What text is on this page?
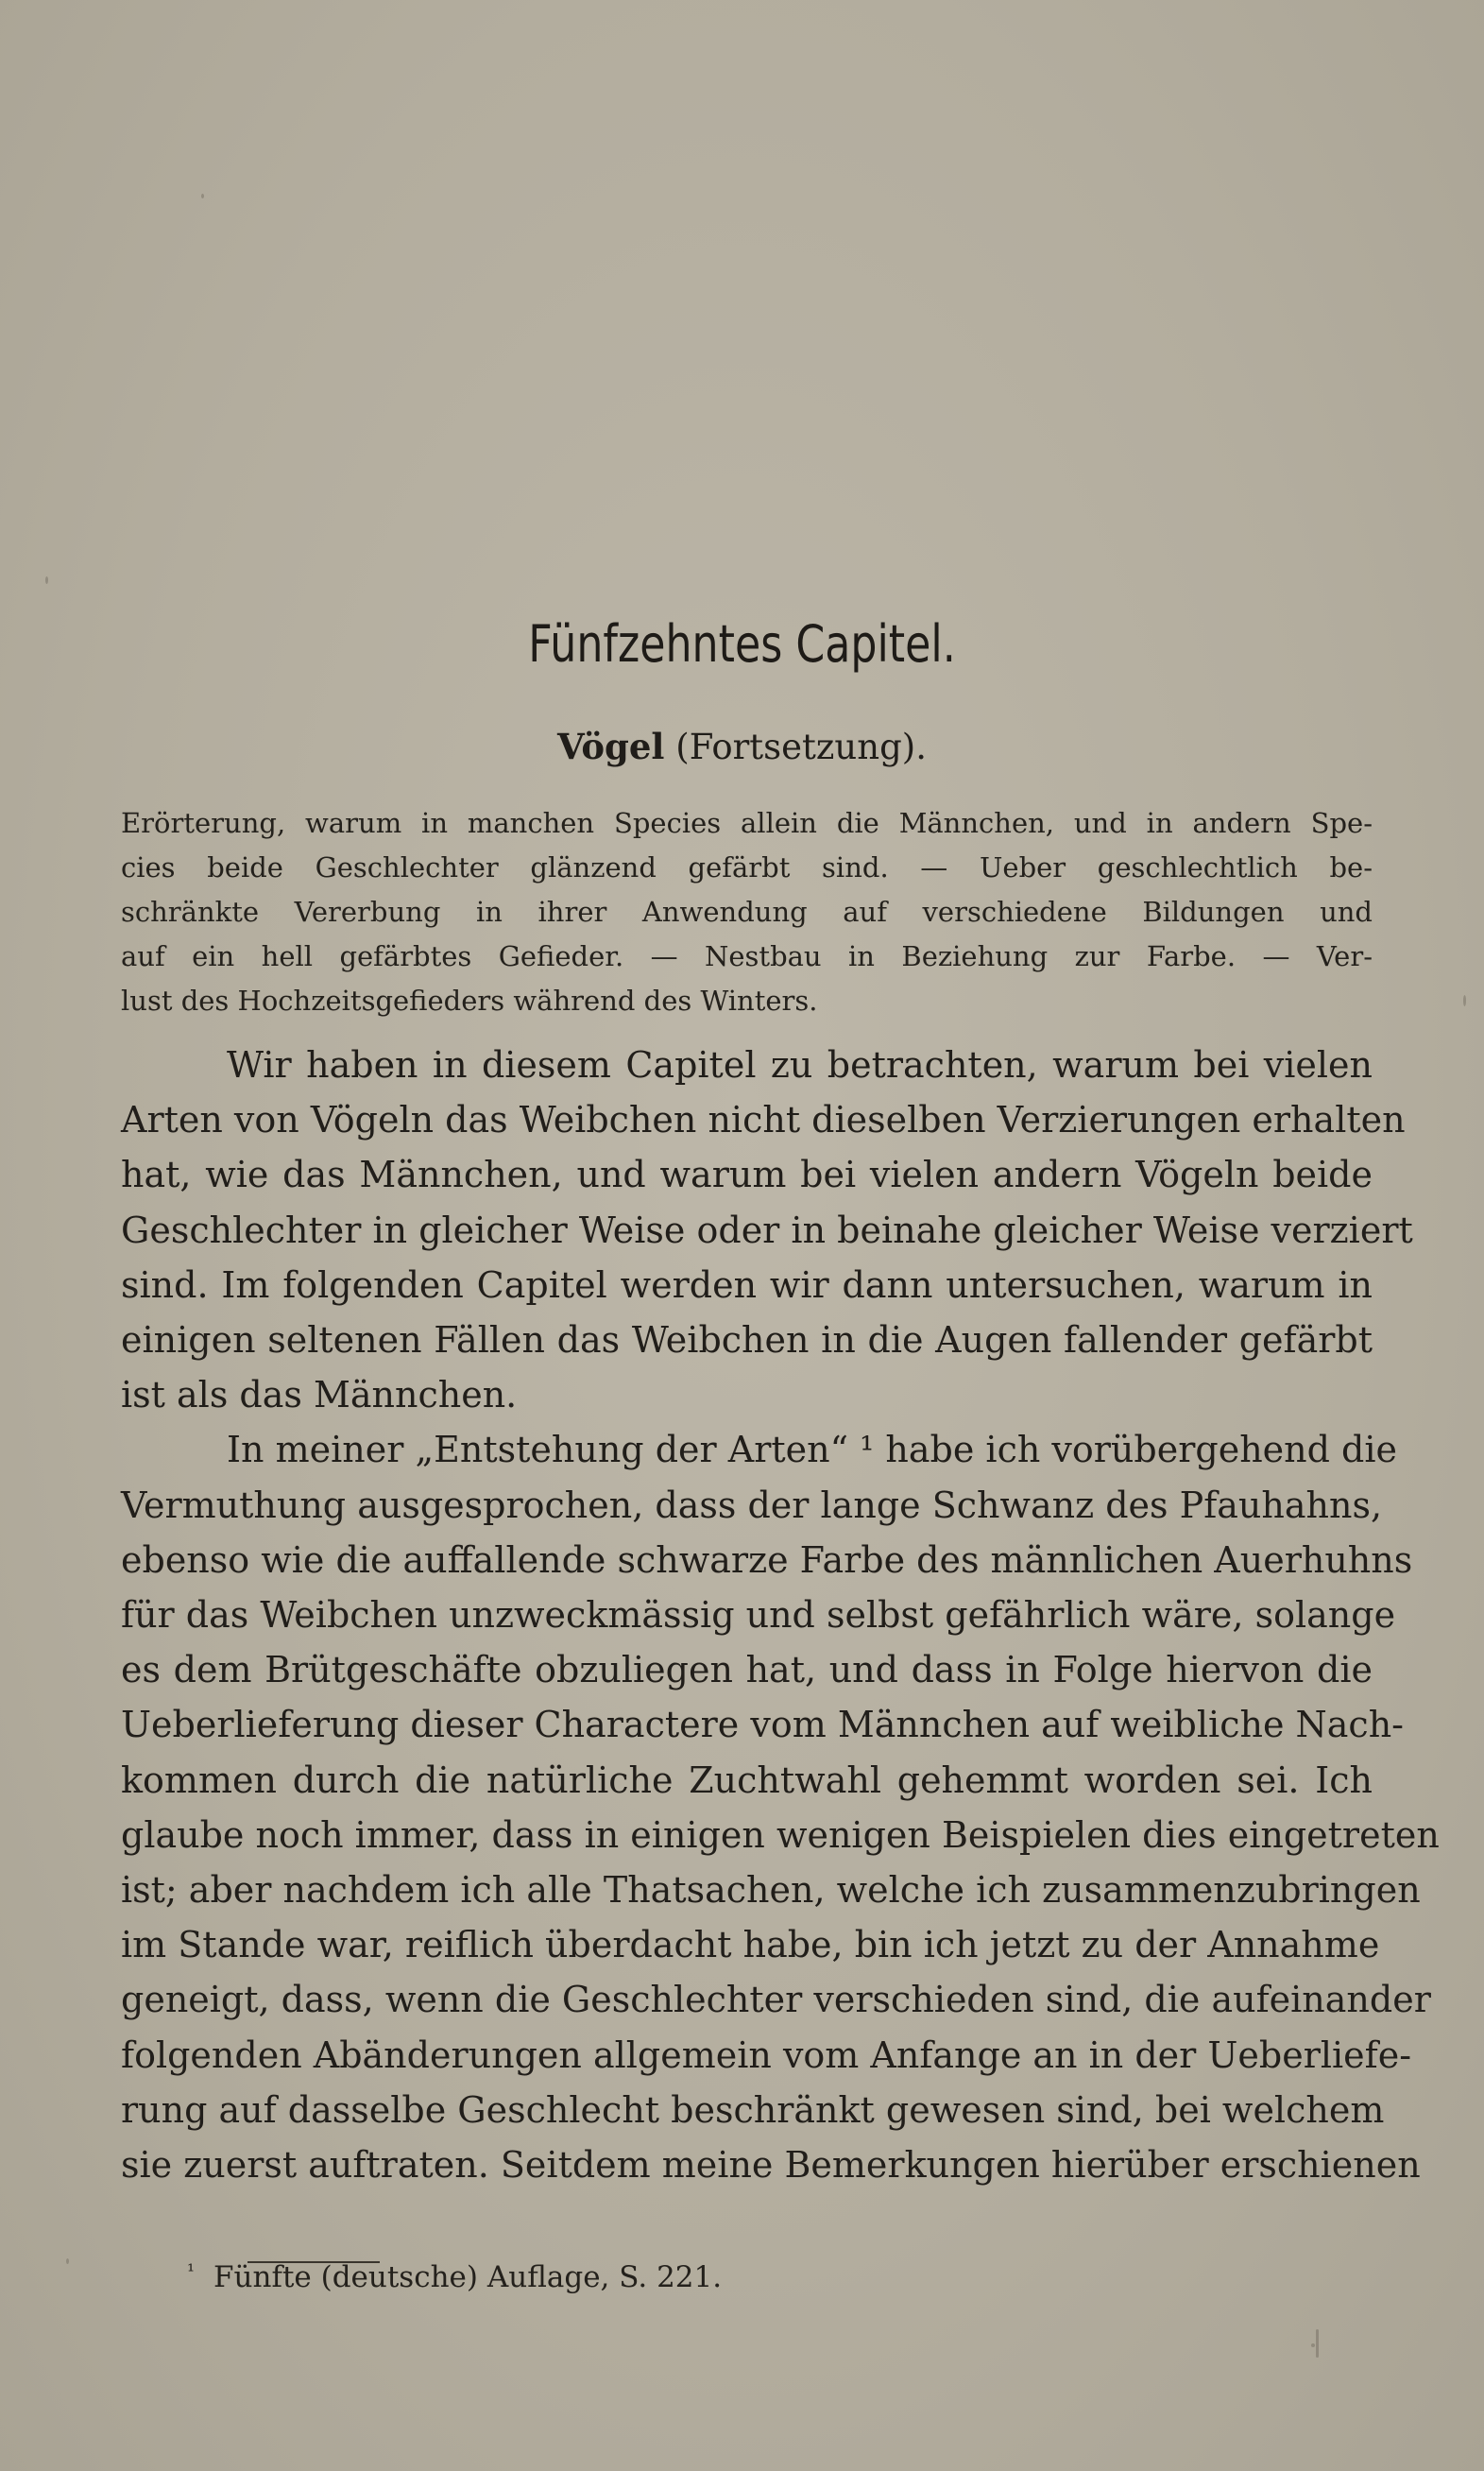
Fünfzehntes Capitel.
Vögel (Fortsetzung).

Erörterung, warum in manchen Species allein die Männchen, und in andern Spe-
cies beide Geschlechter glänzend gefärbt sind. — Ueber geschlechtlich be-
schränkte Vererbung in ihrer Anwendung auf verschiedene Bildungen und
auf ein hell gefärbtes Gefieder. — Nestbau in Beziehung zur Farbe. — Ver-
lust des Hochzeitsgefieders während des Winters.

Wir haben in diesem Capitel zu betrachten, warum bei vielen
Arten von Vögeln das Weibchen nicht dieselben Verzierungen erhalten
hat, wie das Männchen, und warum bei vielen andern Vögeln beide
Geschlechter in gleicher Weise oder in beinahe gleicher Weise verziert
sind. Im folgenden Capitel werden wir dann untersuchen, warum in
einigen seltenen Fällen das Weibchen in die Augen fallender gefärbt
ist als das Männchen.
In meiner „Entstehung der Arten“ ¹ habe ich vorübergehend die
Vermuthung ausgesprochen, dass der lange Schwanz des Pfauhahns,
ebenso wie die auffallende schwarze Farbe des männlichen Auerhuhns
für das Weibchen unzweckmässig und selbst gefährlich wäre, solange
es dem Brütgeschäfte obzuliegen hat, und dass in Folge hiervon die
Ueberlieferung dieser Charactere vom Männchen auf weibliche Nach-
kommen durch die natürliche Zuchtwahl gehemmt worden sei. Ich
glaube noch immer, dass in einigen wenigen Beispielen dies eingetreten
ist; aber nachdem ich alle Thatsachen, welche ich zusammenzubringen
im Stande war, reiflich überdacht habe, bin ich jetzt zu der Annahme
geneigt, dass, wenn die Geschlechter verschieden sind, die aufeinander
folgenden Abänderungen allgemein vom Anfange an in der Ueberliefe-
rung auf dasselbe Geschlecht beschränkt gewesen sind, bei welchem
sie zuerst auftraten. Seitdem meine Bemerkungen hierüber erschienen
$^{^1}$ Fünfte (deutsche) Auflage, S. 221.
